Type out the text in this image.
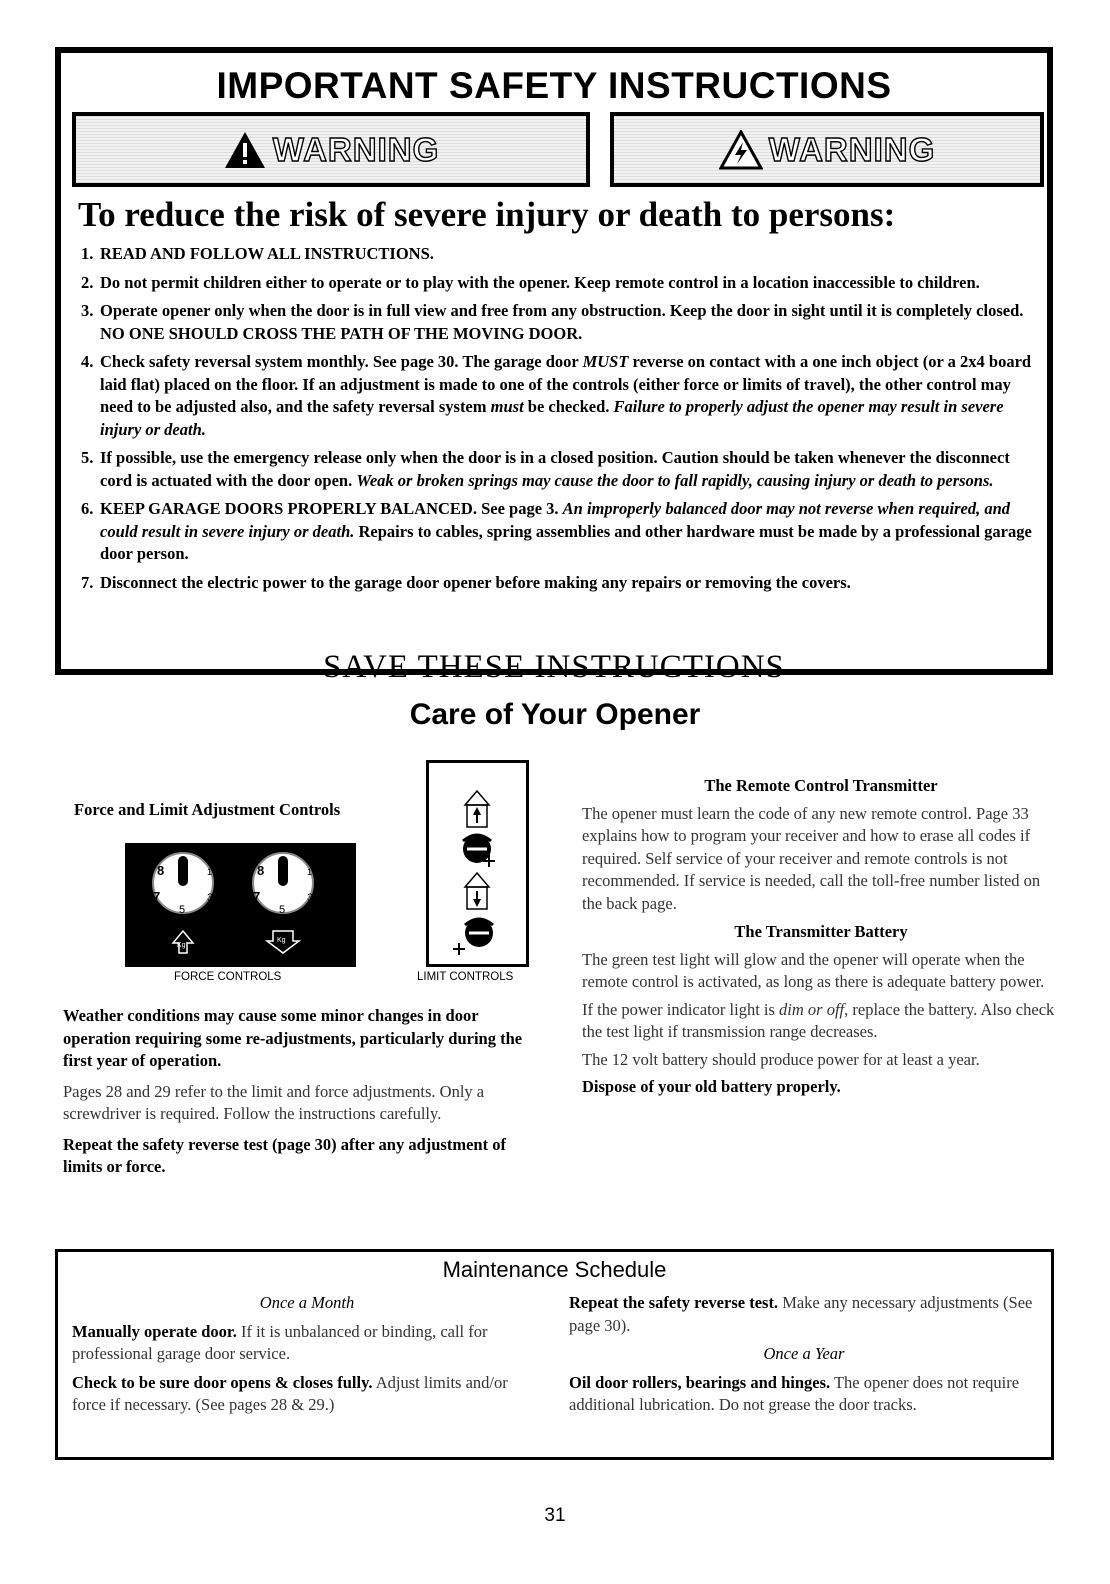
IMPORTANT SAFETY INSTRUCTIONS
WARNING	WARNING
To reduce the risk of severe injury or death to persons:
1. READ AND FOLLOW ALL INSTRUCTIONS.
2. Do not permit children either to operate or to play with the opener. Keep remote control in a location inaccessible to children.
3. Operate opener only when the door is in full view and free from any obstruction. Keep the door in sight until it is completely closed. NO ONE SHOULD CROSS THE PATH OF THE MOVING DOOR.
4. Check safety reversal system monthly. See page 30. The garage door MUST reverse on contact with a one inch object (or a 2x4 board laid flat) placed on the floor. If an adjustment is made to one of the controls (either force or limits of travel), the other control may need to be adjusted also, and the safety reversal system must be checked. Failure to properly adjust the opener may result in severe injury or death.
5. If possible, use the emergency release only when the door is in a closed position. Caution should be taken whenever the disconnect cord is actuated with the door open. Weak or broken springs may cause the door to fall rapidly, causing injury or death to persons.
6. KEEP GARAGE DOORS PROPERLY BALANCED. See page 3. An improperly balanced door may not reverse when required, and could result in severe injury or death. Repairs to cables, spring assemblies and other hardware must be made by a professional garage door person.
7. Disconnect the electric power to the garage door opener before making any repairs or removing the covers.
SAVE THESE INSTRUCTIONS
Care of Your Opener
Force and Limit Adjustment Controls
8	1
7	3
5
8	1
7	3
5
Kg
Kg
FORCE CONTROLS	LIMIT CONTROLS

Weather conditions may cause some minor changes in door operation requiring some re-adjustments, particularly during the first year of operation.

Pages 28 and 29 refer to the limit and force adjustments. Only a screwdriver is required. Follow the instructions carefully.

Repeat the safety reverse test (page 30) after any adjustment of limits or force.

The Remote Control Transmitter

The opener must learn the code of any new remote control. Page 33 explains how to program your receiver and how to erase all codes if required. Self service of your receiver and remote controls is not recommended. If service is needed, call the toll-free number listed on the back page.

The Transmitter Battery

The green test light will glow and the opener will operate when the remote control is activated, as long as there is adequate battery power.

If the power indicator light is dim or off, replace the battery. Also check the test light if transmission range decreases.

The 12 volt battery should produce power for at least a year.

Dispose of your old battery properly.

Maintenance Schedule

Once a Month

Manually operate door. If it is unbalanced or binding, call for professional garage door service.

Check to be sure door opens & closes fully. Adjust limits and/or force if necessary. (See pages 28 & 29.)

Repeat the safety reverse test. Make any necessary adjustments (See page 30).

Once a Year

Oil door rollers, bearings and hinges. The opener does not require additional lubrication. Do not grease the door tracks.

31
